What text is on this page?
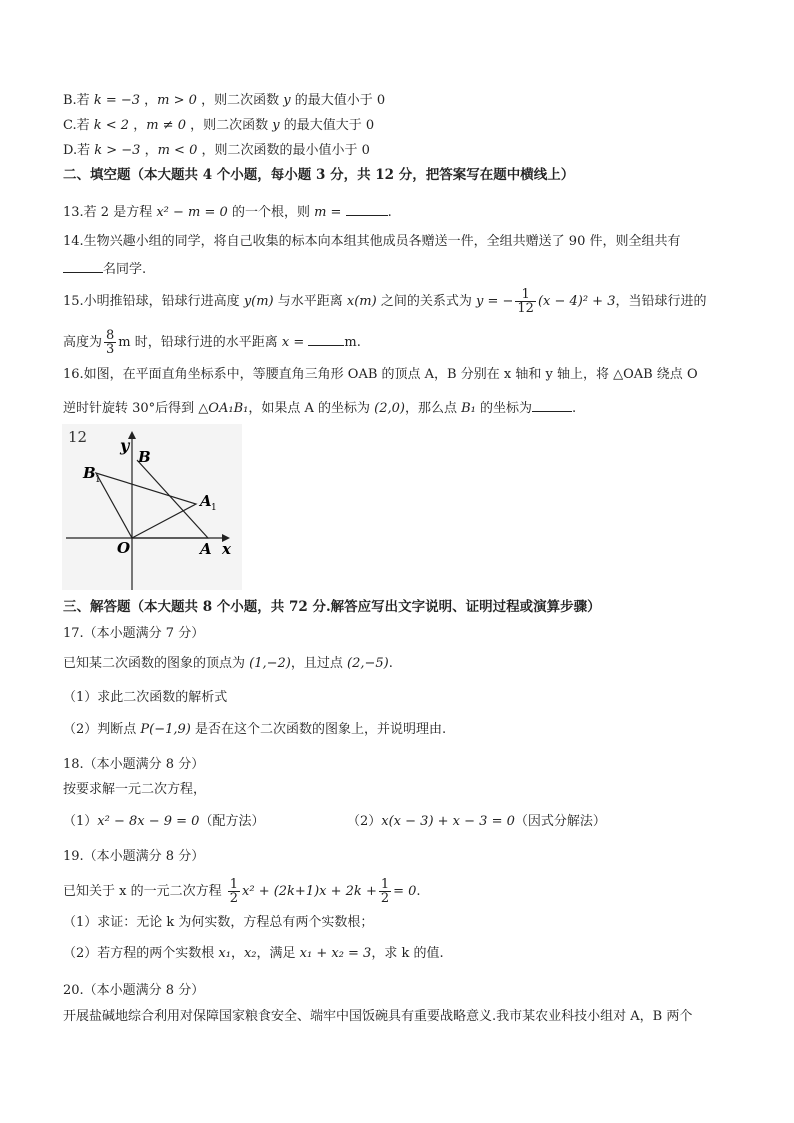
B.若 k = −3 ，m > 0 ，则二次函数 y 的最大值小于 0
C.若 k < 2 ，m ≠ 0 ，则二次函数 y 的最大值大于 0
D.若 k > −3 ，m < 0 ，则二次函数的最小值小于 0
二、填空题（本大题共 4 个小题，每小题 3 分，共 12 分，把答案写在题中横线上）
13.若 2 是方程 x² − m = 0 的一个根，则 m =	.
14.生物兴趣小组的同学，将自己收集的标本向本组其他成员各赠送一件，全组共赠送了 90 件，则全组共有
名同学.
15.小明推铅球，铅球行进高度 y(m) 与水平距离 x(m) 之间的关系式为 y = − $\frac{1}{12} (x - 4)^2 + 3$，当铅球行进的
高度为 $\frac{8}{3}$ m 时，铅球行进的水平距离 x =	m.
16.如图，在平面直角坐标系中，等腰直角三角形 OAB 的顶点 A，B 分别在 x 轴和 y 轴上，将 △OAB 绕点 O
逆时针旋转 30°后得到 △OA₁B₁，如果点 A 的坐标为 (2,0)，那么点 B₁ 的坐标为	.
12 y
B
B 1
A 1
O	A x
三、解答题（本大题共 8 个小题，共 72 分.解答应写出文字说明、证明过程或演算步骤）
17.（本小题满分 7 分）
已知某二次函数的图象的顶点为 (1,−2)，且过点 (2,−5).
（1）求此二次函数的解析式
（2）判断点 P(−1,9) 是否在这个二次函数的图象上，并说明理由.
18.（本小题满分 8 分）
按要求解一元二次方程，
（1）x² − 8x − 9 = 0（配方法）	（2）x(x − 3) + x − 3 = 0（因式分解法）
19.（本小题满分 8 分）
已知关于 x 的一元二次方程 $\frac{1}{2} x^2 + (2k+1)x + 2k + \frac{1}{2} = 0$.
（1）求证：无论 k 为何实数，方程总有两个实数根；
（2）若方程的两个实数根 x₁，x₂，满足 x₁ + x₂ = 3，求 k 的值.
20.（本小题满分 8 分）
开展盐碱地综合利用对保障国家粮食安全、端牢中国饭碗具有重要战略意义.我市某农业科技小组对 A，B 两个
